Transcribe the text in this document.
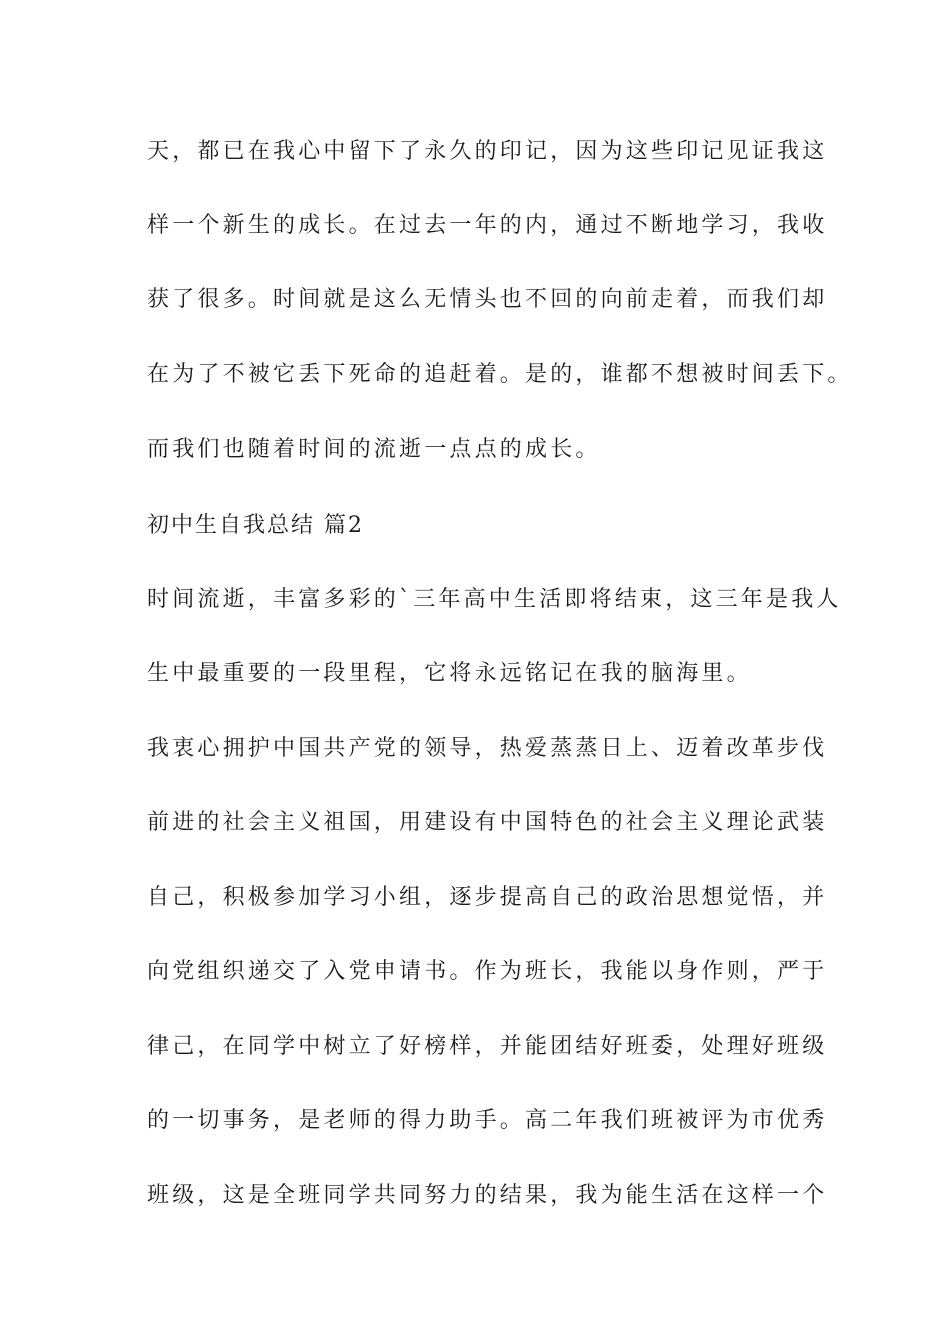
天，都已在我心中留下了永久的印记，因为这些印记见证我这
样一个新生的成长。在过去一年的内，通过不断地学习，我收
获了很多。时间就是这么无情头也不回的向前走着，而我们却
在为了不被它丢下死命的追赶着。是的，谁都不想被时间丢下。
而我们也随着时间的流逝一点点的成长。
初中生自我总结 篇2
时间流逝，丰富多彩的`三年高中生活即将结束，这三年是我人
生中最重要的一段里程，它将永远铭记在我的脑海里。
我衷心拥护中国共产党的领导，热爱蒸蒸日上、迈着改革步伐
前进的社会主义祖国，用建设有中国特色的社会主义理论武装
自己，积极参加学习小组，逐步提高自己的政治思想觉悟，并
向党组织递交了入党申请书。作为班长，我能以身作则，严于
律己，在同学中树立了好榜样，并能团结好班委，处理好班级
的一切事务，是老师的得力助手。高二年我们班被评为市优秀
班级，这是全班同学共同努力的结果，我为能生活在这样一个
